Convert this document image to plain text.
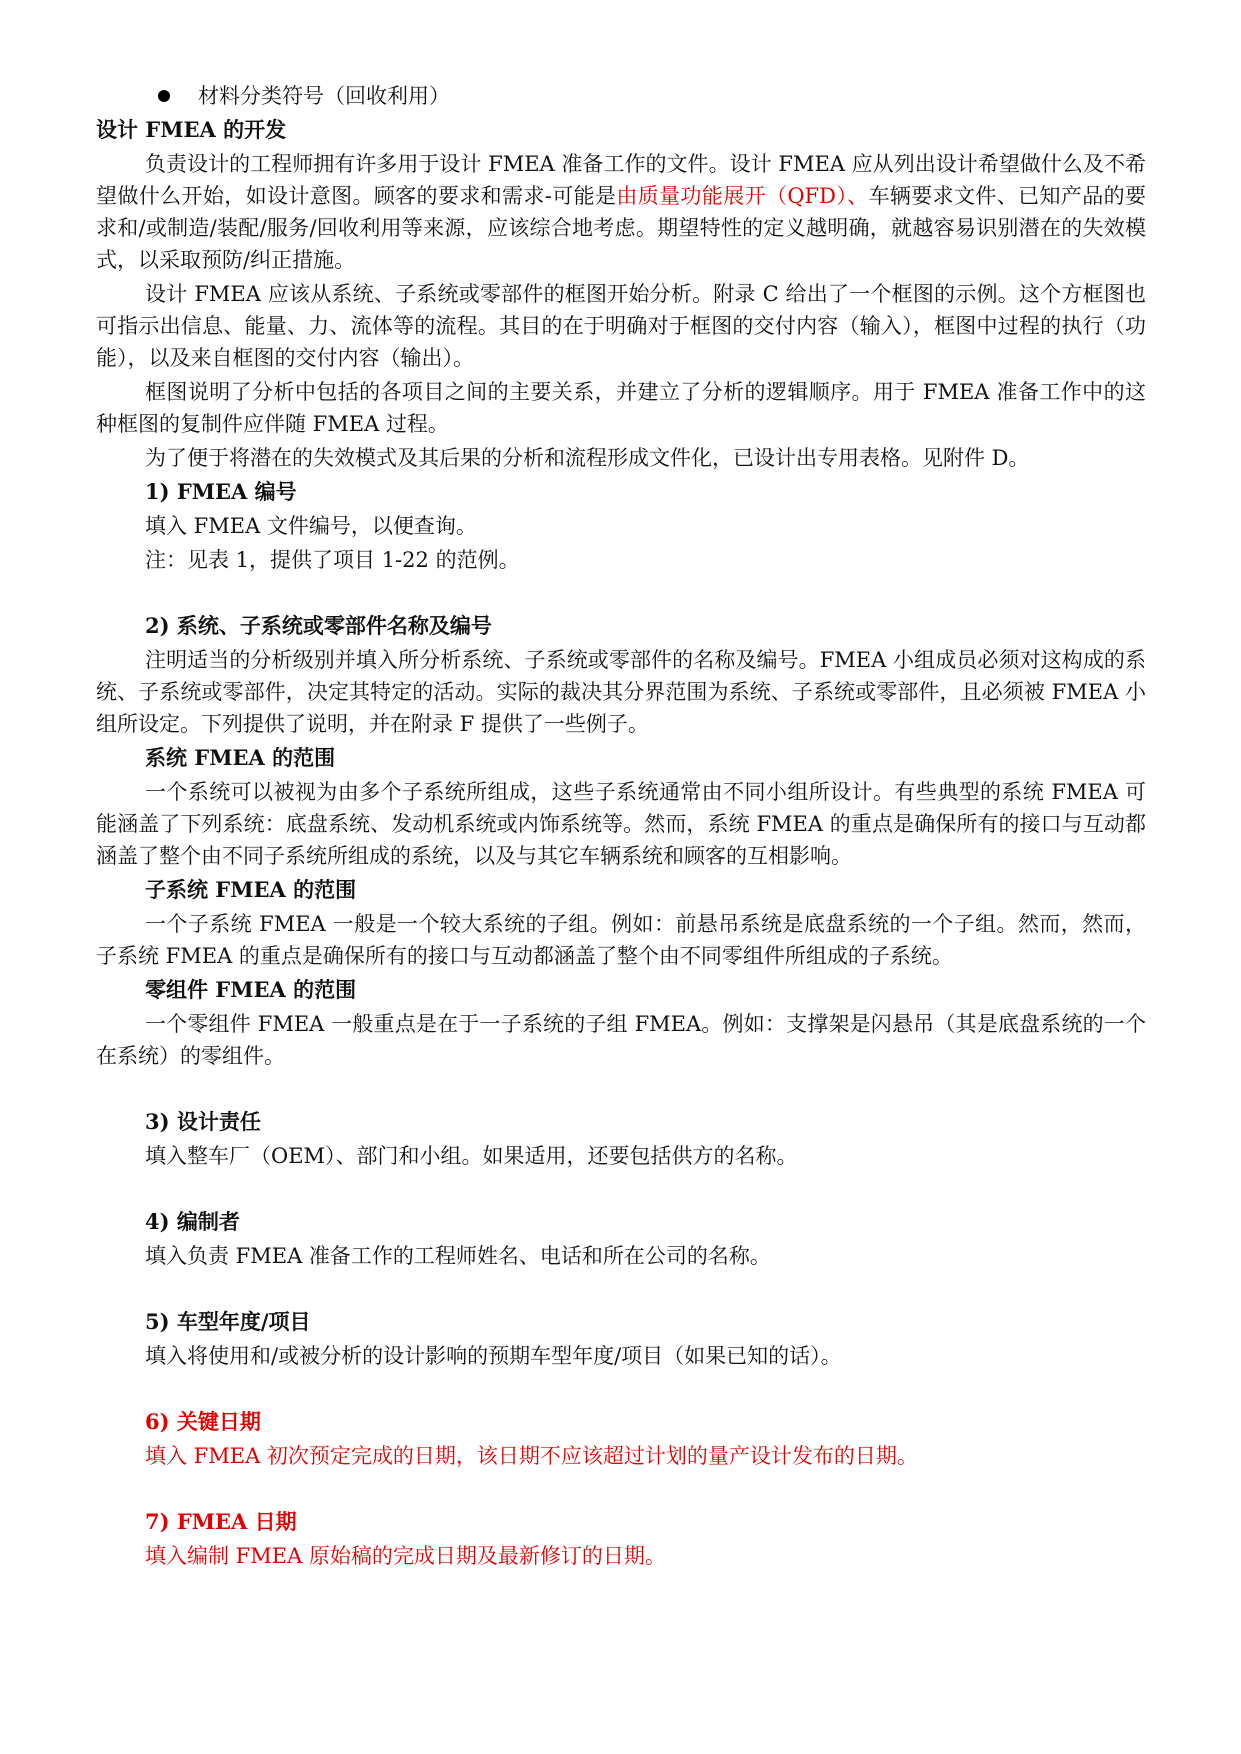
材料分类符号（回收利用）
设计 FMEA 的开发

负责设计的工程师拥有许多用于设计 FMEA 准备工作的文件。设计 FMEA 应从列出设计希望做什么及不希望做什么开始，如设计意图。顾客的要求和需求-可能是由质量功能展开（QFD）、车辆要求文件、已知产品的要求和/或制造/装配/服务/回收利用等来源，应该综合地考虑。期望特性的定义越明确，就越容易识别潜在的失效模式，以采取预防/纠正措施。

设计 FMEA 应该从系统、子系统或零部件的框图开始分析。附录 C 给出了一个框图的示例。这个方框图也可指示出信息、能量、力、流体等的流程。其目的在于明确对于框图的交付内容（输入），框图中过程的执行（功能），以及来自框图的交付内容（输出）。

框图说明了分析中包括的各项目之间的主要关系，并建立了分析的逻辑顺序。用于 FMEA 准备工作中的这种框图的复制件应伴随 FMEA 过程。

为了便于将潜在的失效模式及其后果的分析和流程形成文件化，已设计出专用表格。见附件 D。

1) FMEA 编号
填入 FMEA 文件编号，以便查询。
注：见表 1，提供了项目 1-22 的范例。
2) 系统、子系统或零部件名称及编号

注明适当的分析级别并填入所分析系统、子系统或零部件的名称及编号。FMEA 小组成员必须对这构成的系统、子系统或零部件，决定其特定的活动。实际的裁决其分界范围为系统、子系统或零部件，且必须被 FMEA 小组所设定。下列提供了说明，并在附录 F 提供了一些例子。

系统 FMEA 的范围

一个系统可以被视为由多个子系统所组成，这些子系统通常由不同小组所设计。有些典型的系统 FMEA 可能涵盖了下列系统：底盘系统、发动机系统或内饰系统等。然而，系统 FMEA 的重点是确保所有的接口与互动都涵盖了整个由不同子系统所组成的系统，以及与其它车辆系统和顾客的互相影响。

子系统 FMEA 的范围

一个子系统 FMEA 一般是一个较大系统的子组。例如：前悬吊系统是底盘系统的一个子组。然而，然而，子系统 FMEA 的重点是确保所有的接口与互动都涵盖了整个由不同零组件所组成的子系统。

零组件 FMEA 的范围

一个零组件 FMEA 一般重点是在于一子系统的子组 FMEA。例如：支撑架是闪悬吊（其是底盘系统的一个在系统）的零组件。

3) 设计责任
填入整车厂（OEM）、部门和小组。如果适用，还要包括供方的名称。
4) 编制者
填入负责 FMEA 准备工作的工程师姓名、电话和所在公司的名称。
5) 车型年度/项目
填入将使用和/或被分析的设计影响的预期车型年度/项目（如果已知的话）。
6) 关键日期
填入 FMEA 初次预定完成的日期，该日期不应该超过计划的量产设计发布的日期。
7) FMEA 日期
填入编制 FMEA 原始稿的完成日期及最新修订的日期。
